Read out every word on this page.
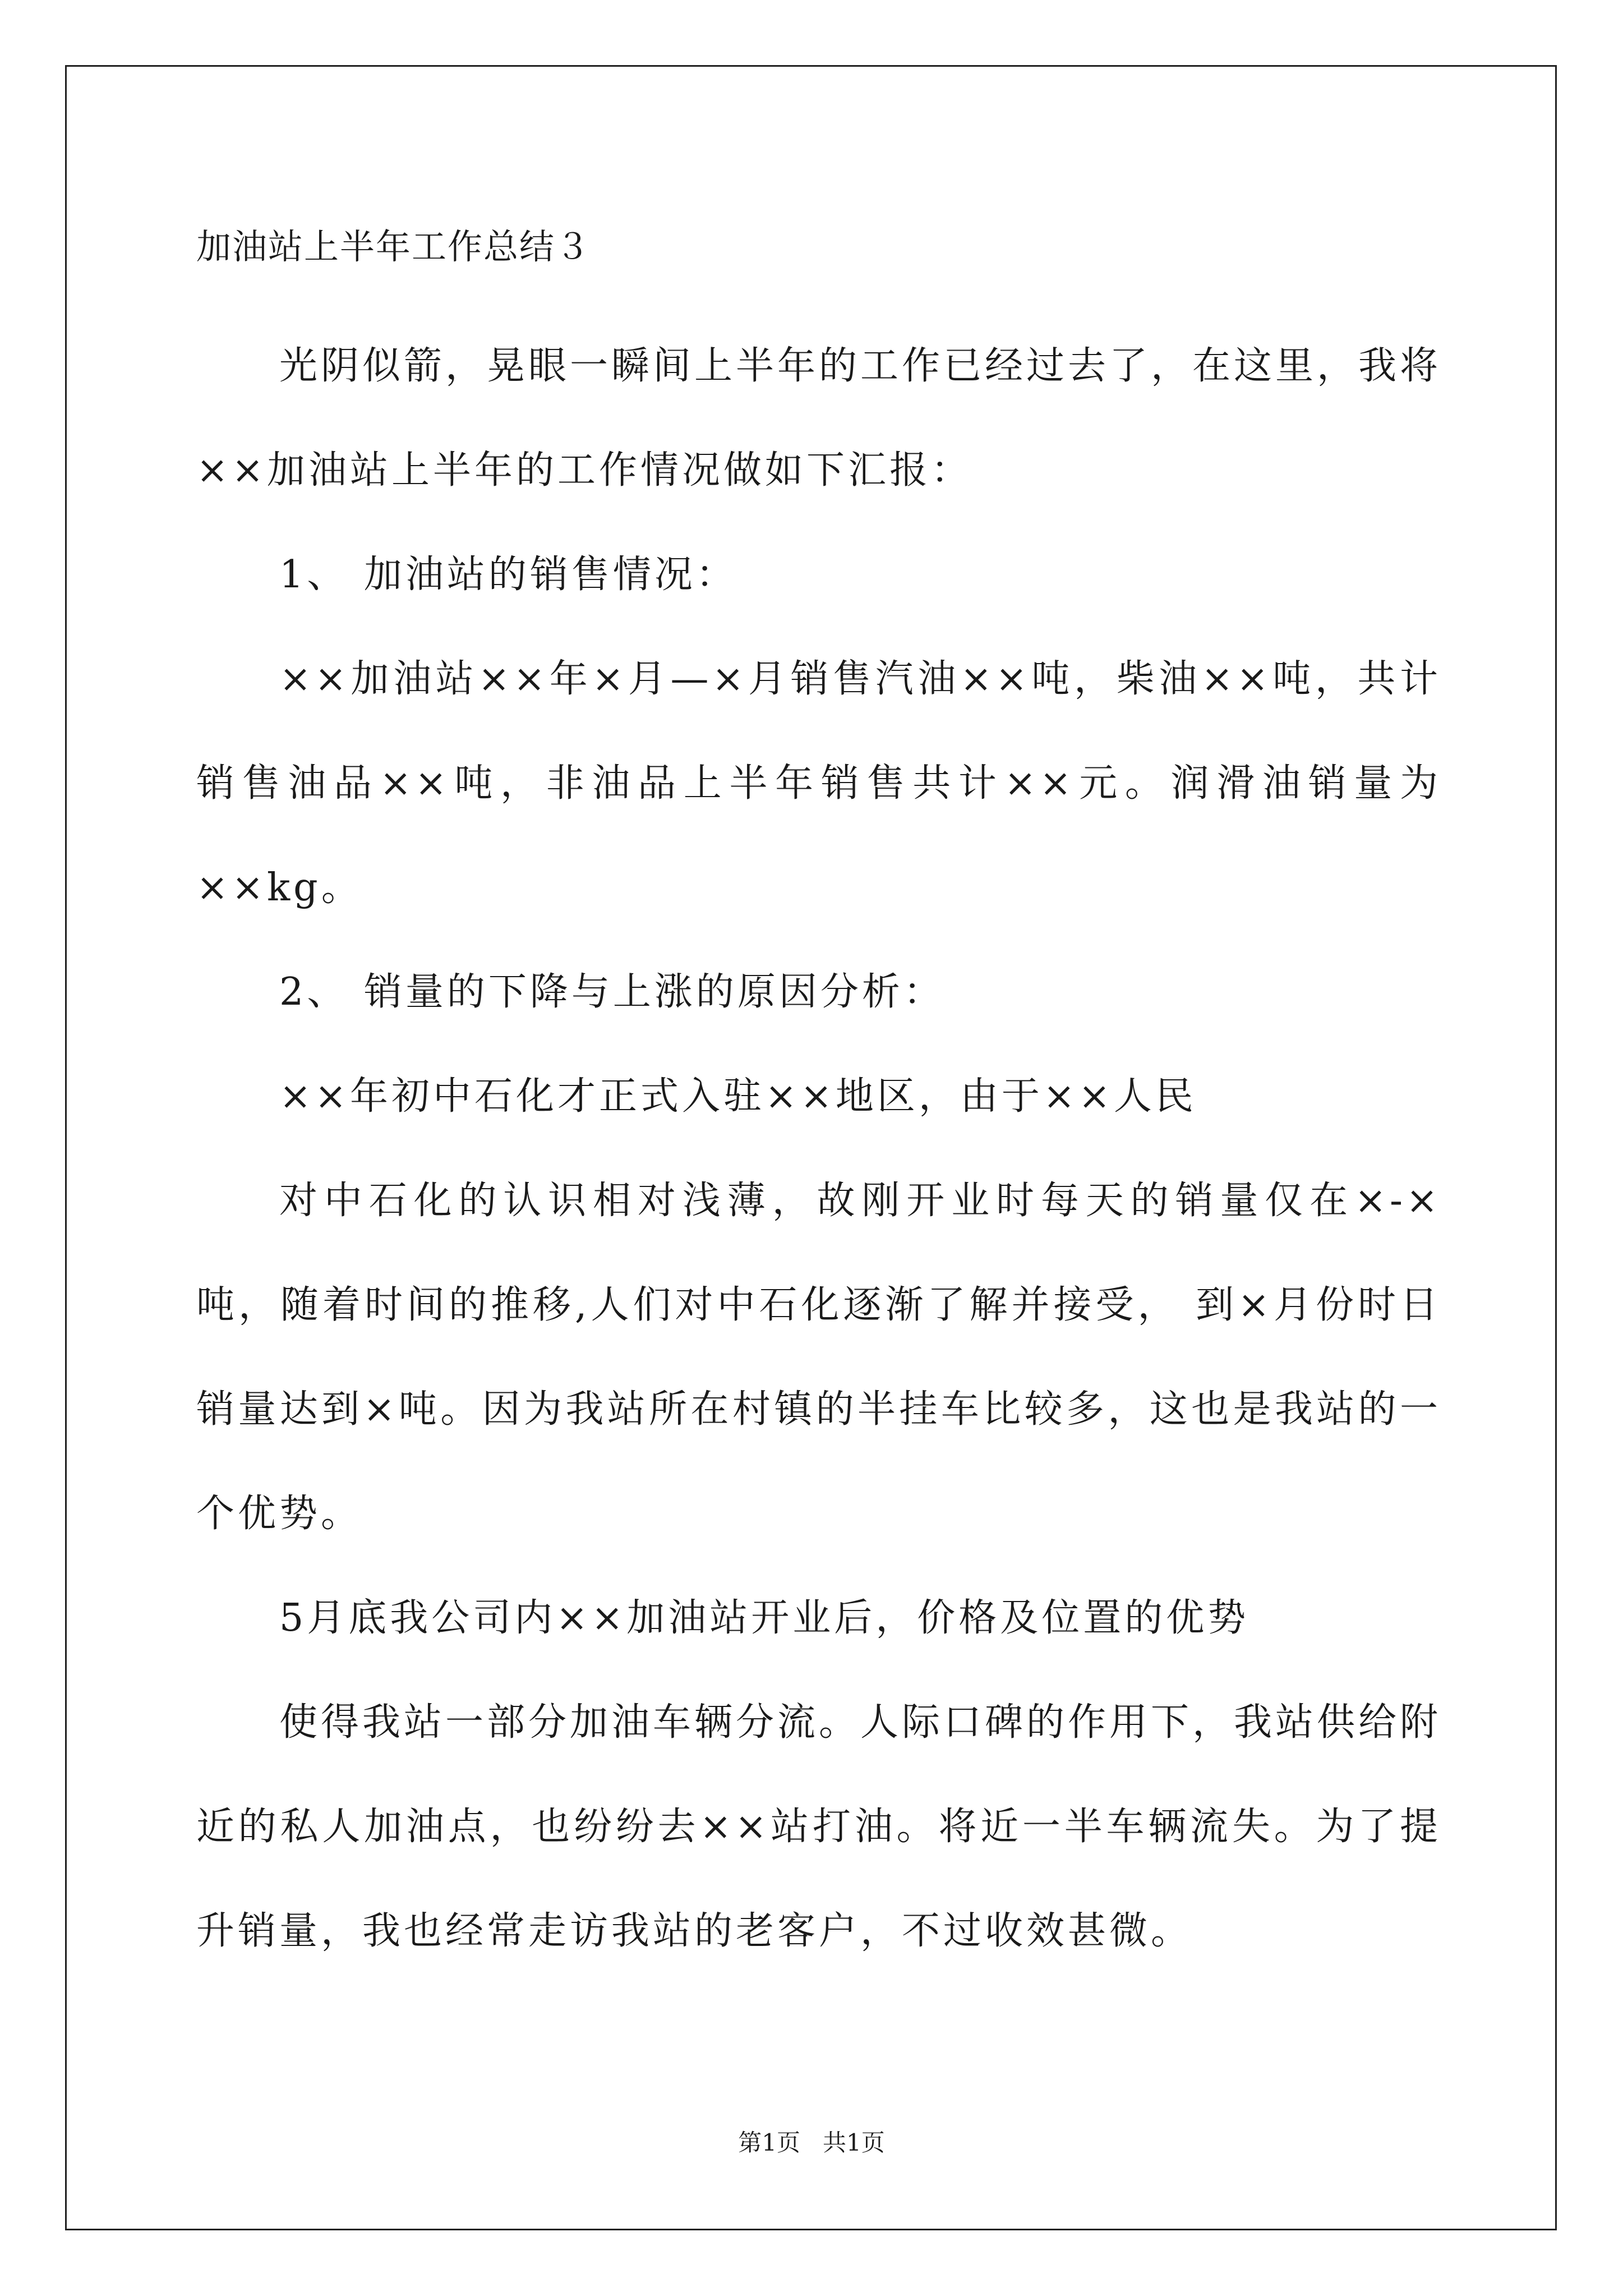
加油站上半年工作总结３
光阴似箭，晃眼一瞬间上半年的工作已经过去了，在这里，我将××加油站上半年的工作情况做如下汇报：
1、 加油站的销售情况：
××加油站××年×月—×月销售汽油××吨，柴油××吨，共计销售油品××吨，非油品上半年销售共计××元。润滑油销量为××kg。
2、 销量的下降与上涨的原因分析：
××年初中石化才正式入驻××地区，由于××人民
对中石化的认识相对浅薄，故刚开业时每天的销量仅在×-×吨，随着时间的推移,人们对中石化逐渐了解并接受， 到×月份时日销量达到×吨。因为我站所在村镇的半挂车比较多，这也是我站的一个优势。
5月底我公司内××加油站开业后，价格及位置的优势
使得我站一部分加油车辆分流。人际口碑的作用下，我站供给附近的私人加油点，也纷纷去××站打油。将近一半车辆流失。为了提升销量，我也经常走访我站的老客户，不过收效甚微。
第1页   共1页
